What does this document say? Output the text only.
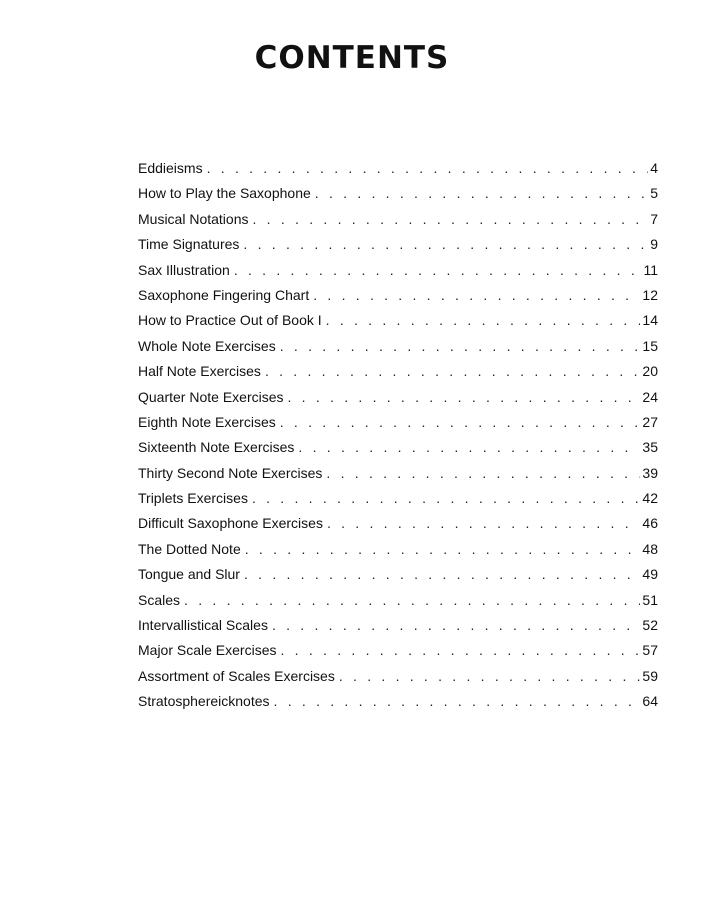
CONTENTS
Eddieisms . . .	4
How to Play the Saxophone . . .	5
Musical Notations . . .	7
Time Signatures . . .	9
Sax Illustration . . .	11
Saxophone Fingering Chart . . .	12
How to Practice Out of Book I . . .	14
Whole Note Exercises . . .	15
Half Note Exercises . . .	20
Quarter Note Exercises . . .	24
Eighth Note Exercises . . .	27
Sixteenth Note Exercises . . .	35
Thirty Second Note Exercises . . .	39
Triplets Exercises . . .	42
Difficult Saxophone Exercises . . .	46
The Dotted Note . . .	48
Tongue and Slur . . .	49
Scales . . .	51
Intervallistical Scales . . .	52
Major Scale Exercises . . .	57
Assortment of Scales Exercises . . .	59
Stratosphereicknotes . . .	64
